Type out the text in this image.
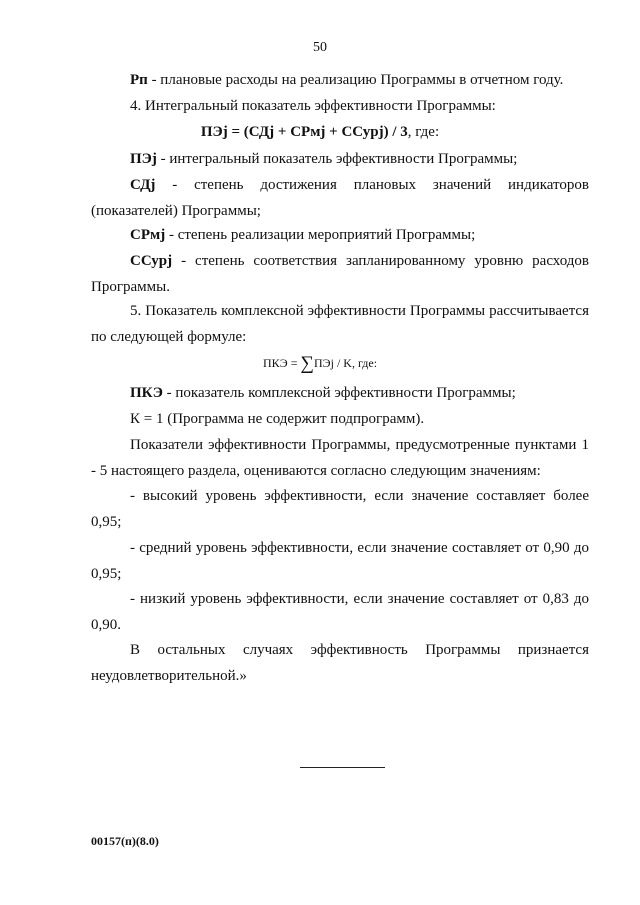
50

Рп - плановые расходы на реализацию Программы в отчетном году.

4. Интегральный показатель эффективности Программы:

ПЭj = (СДj + СРмj + ССурj) / 3, где:

ПЭj - интегральный показатель эффективности Программы;

СДj - степень достижения плановых значений индикаторов (показателей) Программы;

СРмj - степень реализации мероприятий Программы;

ССурj - степень соответствия запланированному уровню расходов Программы.

5. Показатель комплексной эффективности Программы рассчитывается по следующей формуле:

ПКЭ = ∑ПЭj / K, где:

ПКЭ - показатель комплексной эффективности Программы;

К = 1 (Программа не содержит подпрограмм).

Показатели эффективности Программы, предусмотренные пунктами 1 - 5 настоящего раздела, оцениваются согласно следующим значениям:

- высокий уровень эффективности, если значение составляет более 0,95;

- средний уровень эффективности, если значение составляет от 0,90 до 0,95;

- низкий уровень эффективности, если значение составляет от 0,83 до 0,90.

В остальных случаях эффективность Программы признается неудовлетворительной.»

00157(п)(8.0)
